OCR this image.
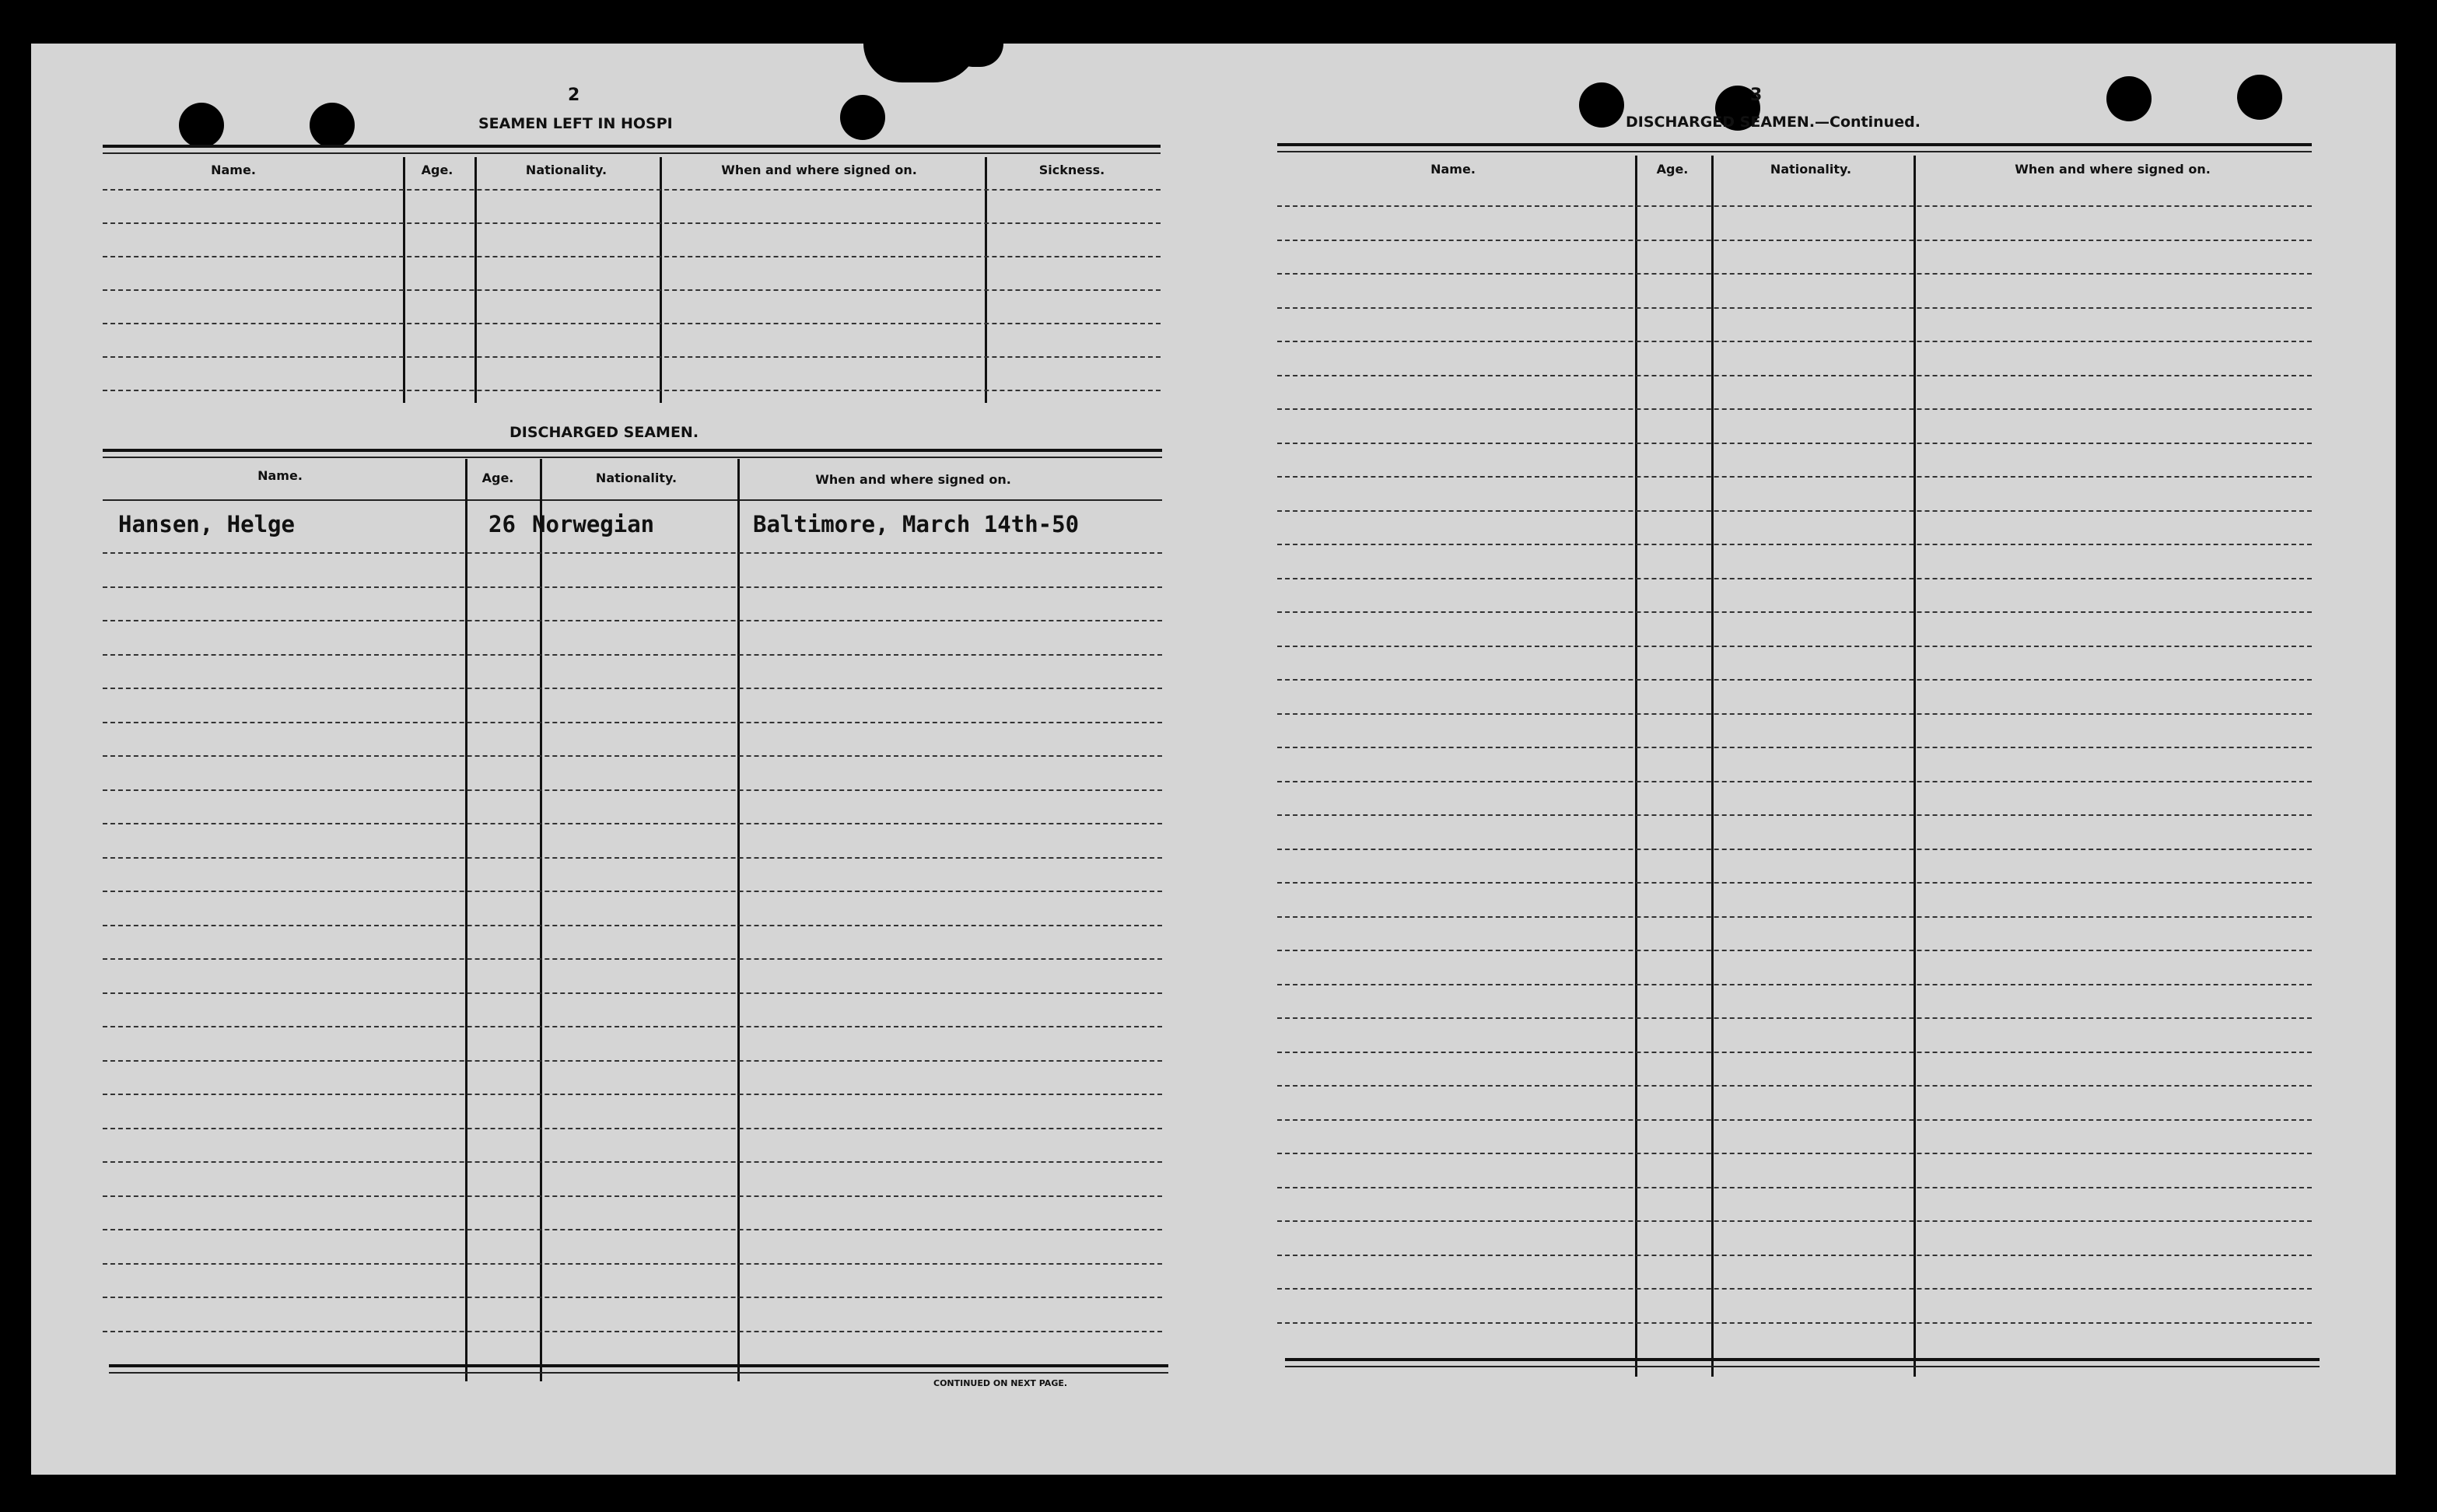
2
SEAMEN LEFT IN HOSPI
Name.	Age.	Nationality.	When and where signed on.	Sickness.
DISCHARGED SEAMEN.
Name.	Age.	Nationality.	When and where signed on.
Hansen, Helge	26 Norwegian	Baltimore, March 14th-50
CONTINUED ON NEXT PAGE.
3
DISCHARGED SEAMEN.—Continued.
Name.	Age.	Nationality.	When and where signed on.
